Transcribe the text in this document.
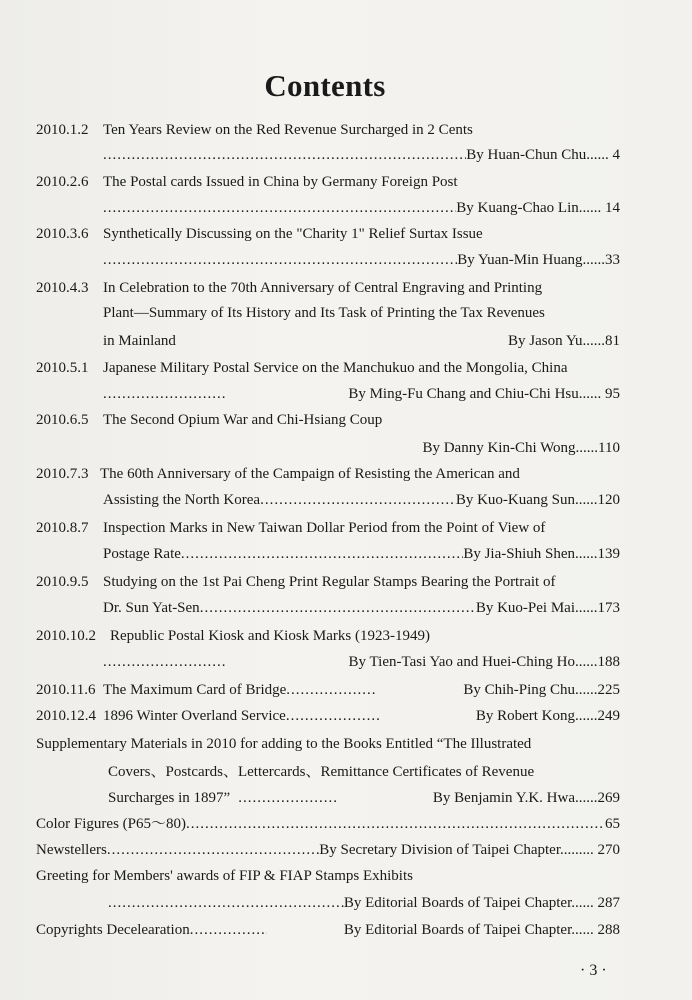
Contents
2010.1.2 Ten Years Review on the Red Revenue Surcharged in 2 Cents
.....
By Huan-Chun Chu...... 4
2010.2.6 The Postal cards Issued in China by Germany Foreign Post
.....
By Kuang-Chao Lin...... 14
2010.3.6 Synthetically Discussing on the "Charity 1" Relief Surtax Issue
.....
By Yuan-Min Huang......33
2010.4.3 In Celebration to the 70th Anniversary of Central Engraving and Printing
Plant—Summary of Its History and Its Task of Printing the Tax Revenues
in Mainland	By Jason Yu......81
2010.5.1 Japanese Military Postal Service on the Manchukuo and the Mongolia, China
.....
By Ming-Fu Chang and Chiu-Chi Hsu...... 95
2010.6.5 The Second Opium War and Chi-Hsiang Coup
By Danny Kin-Chi Wong......110
2010.7.3 The 60th Anniversary of the Campaign of Resisting the American and
Assisting the North Korea .....	By Kuo-Kuang Sun......120
2010.8.7 Inspection Marks in New Taiwan Dollar Period from the Point of View of
Postage Rate .....	By Jia-Shiuh Shen......139
2010.9.5 Studying on the 1st Pai Cheng Print Regular Stamps Bearing the Portrait of
Dr. Sun Yat-Sen .....	By Kuo-Pei Mai......173
2010.10.2 Republic Postal Kiosk and Kiosk Marks (1923-1949)
.....
By Tien-Tasi Yao and Huei-Ching Ho......188
2010.11.6 The Maximum Card of Bridge .....	By Chih-Ping Chu......225
2010.12.4 1896 Winter Overland Service .....	By Robert Kong......249
Supplementary Materials in 2010 for adding to the Books Entitled “The Illustrated
Covers、Postcards、Lettercards、Remittance Certificates of Revenue
Surcharges in 1897” .....	By Benjamin Y.K. Hwa......269
Color Figures (P65～80) .....	65
Newstellers .....	By Secretary Division of Taipei Chapter......... 270
Greeting for Members' awards of FIP & FIAP Stamps Exhibits
.....
By Editorial Boards of Taipei Chapter...... 287
Copyrights Decelearation .....	By Editorial Boards of Taipei Chapter...... 288
· 3 ·
